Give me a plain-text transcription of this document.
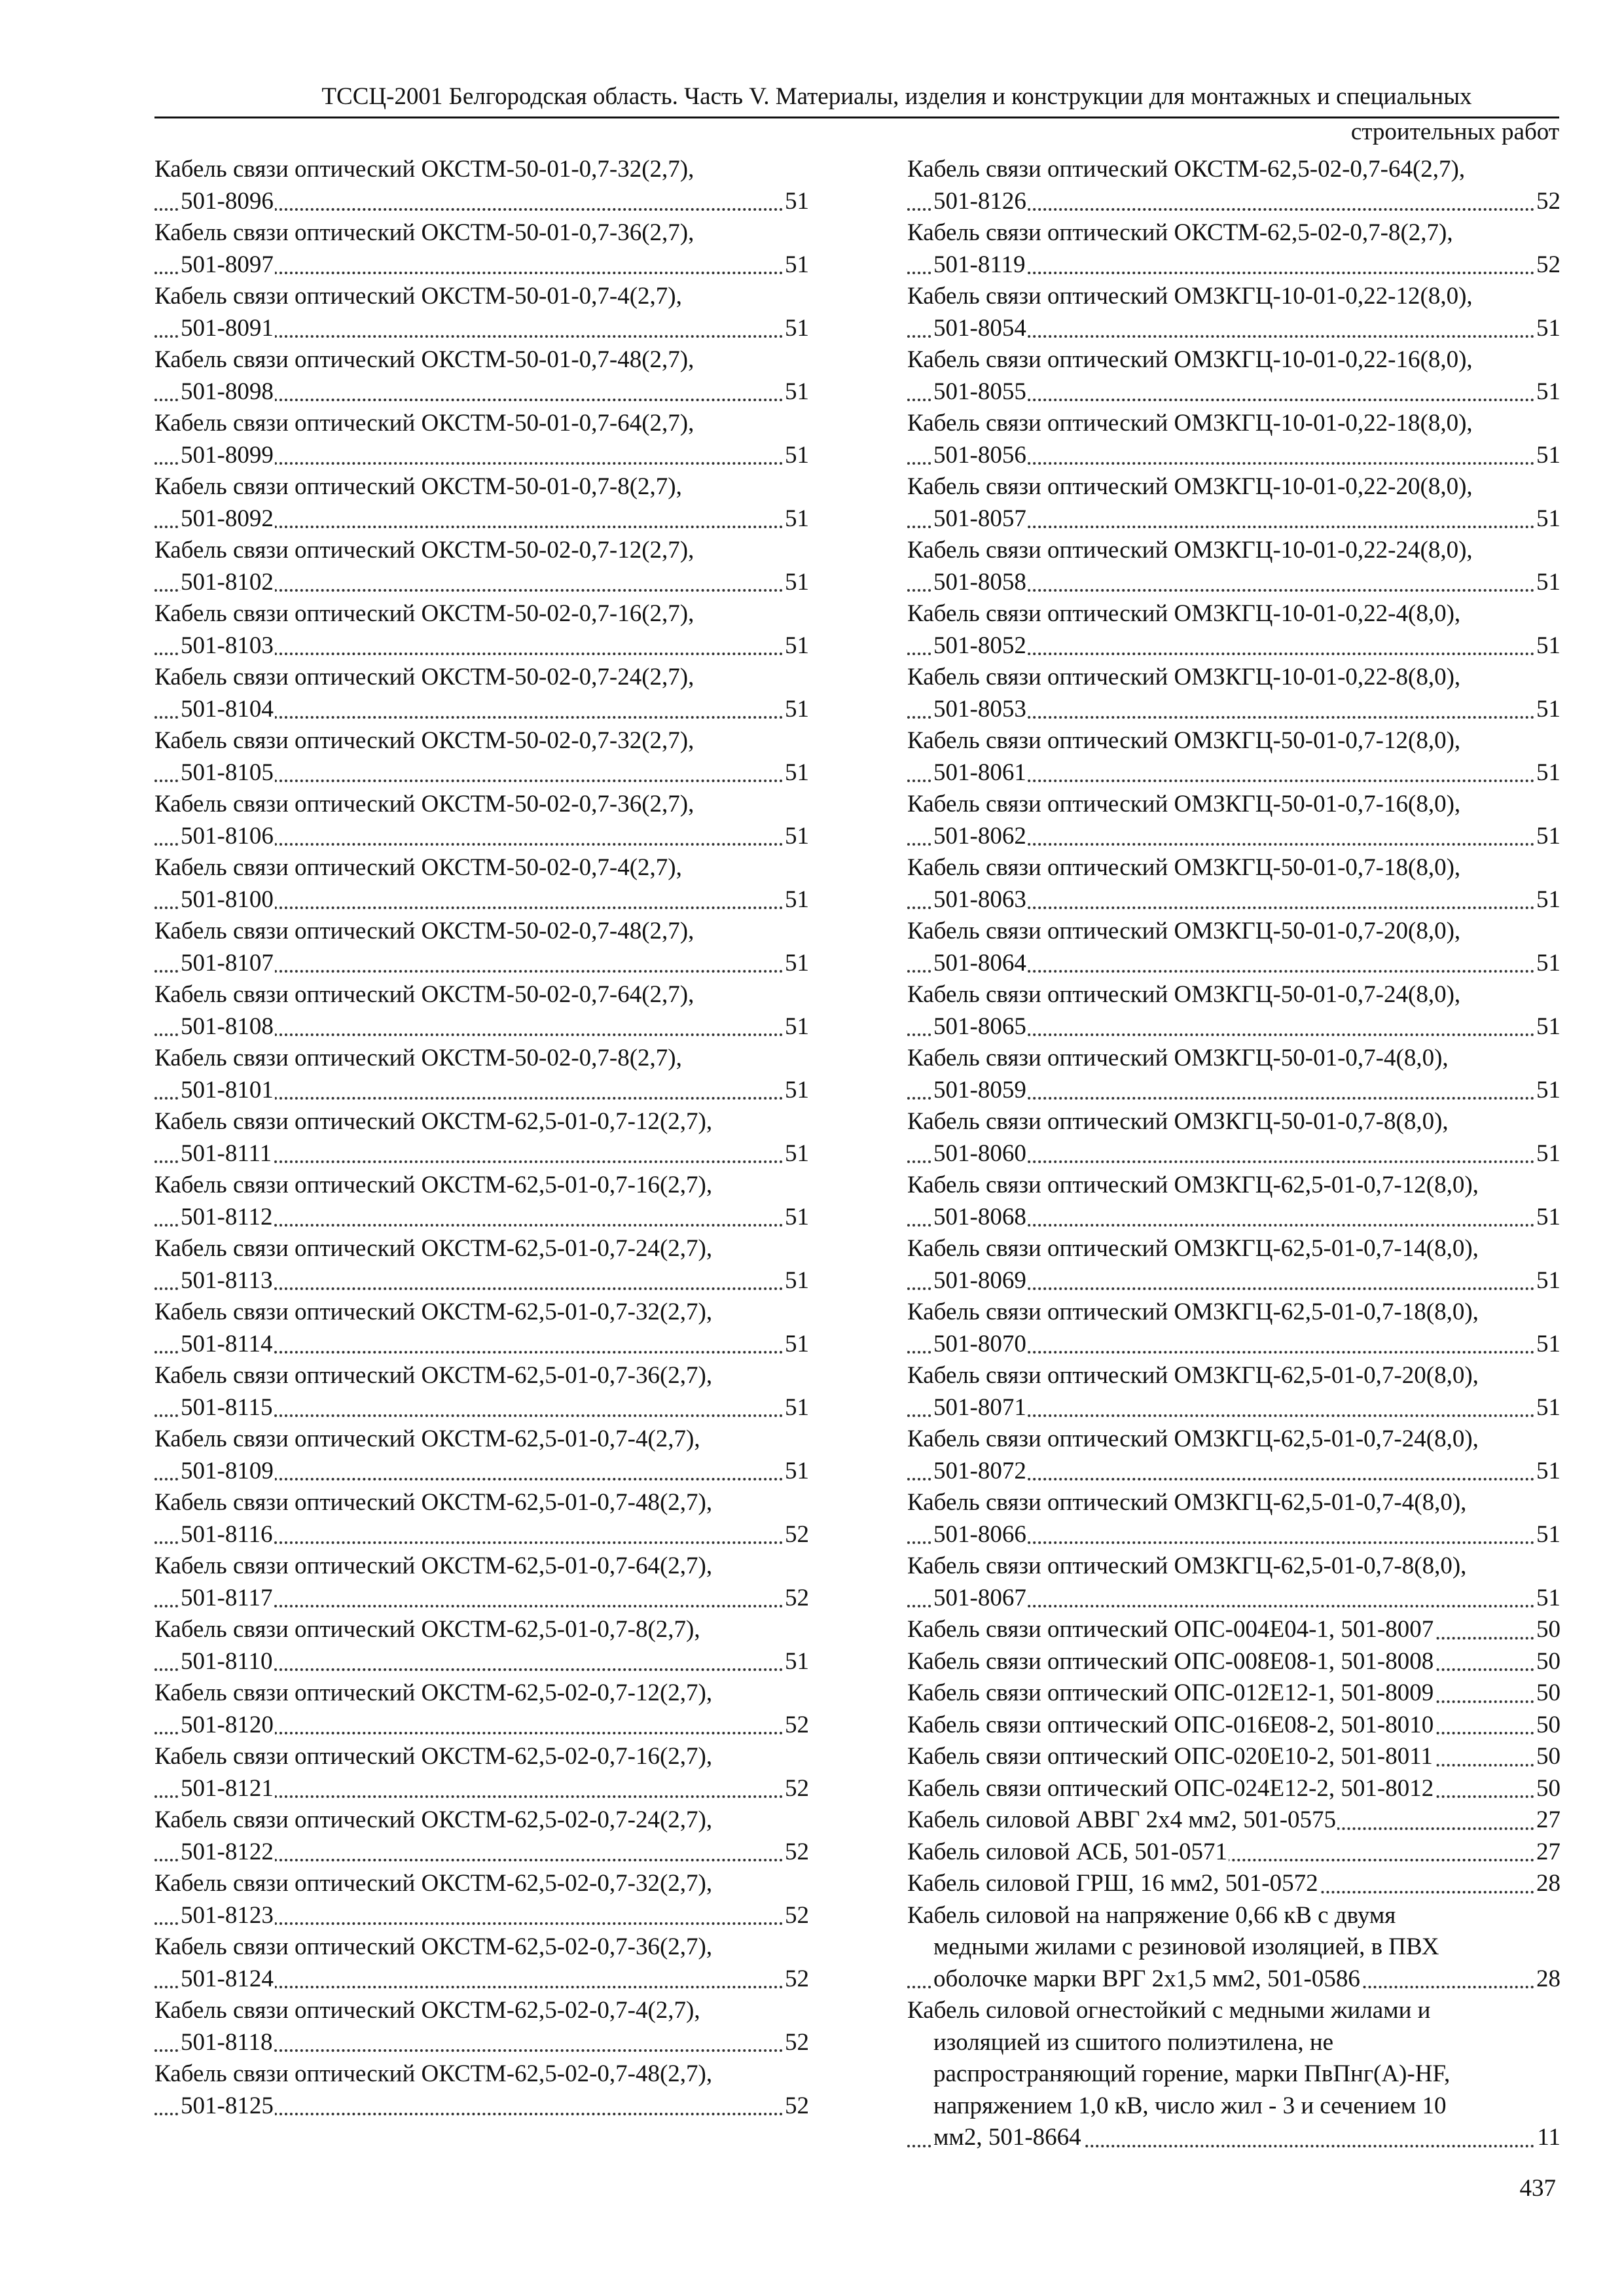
ТССЦ-2001 Белгородская область. Часть V. Материалы, изделия и конструкции для монтажных и специальных
строительных работ
Кабель связи оптический ОКСТМ-50-01-0,7-32(2,7),
501-8096	51
Кабель связи оптический ОКСТМ-50-01-0,7-36(2,7),
501-8097	51
Кабель связи оптический ОКСТМ-50-01-0,7-4(2,7),
501-8091	51
Кабель связи оптический ОКСТМ-50-01-0,7-48(2,7),
501-8098	51
Кабель связи оптический ОКСТМ-50-01-0,7-64(2,7),
501-8099	51
Кабель связи оптический ОКСТМ-50-01-0,7-8(2,7),
501-8092	51
Кабель связи оптический ОКСТМ-50-02-0,7-12(2,7),
501-8102	51
Кабель связи оптический ОКСТМ-50-02-0,7-16(2,7),
501-8103	51
Кабель связи оптический ОКСТМ-50-02-0,7-24(2,7),
501-8104	51
Кабель связи оптический ОКСТМ-50-02-0,7-32(2,7),
501-8105	51
Кабель связи оптический ОКСТМ-50-02-0,7-36(2,7),
501-8106	51
Кабель связи оптический ОКСТМ-50-02-0,7-4(2,7),
501-8100	51
Кабель связи оптический ОКСТМ-50-02-0,7-48(2,7),
501-8107	51
Кабель связи оптический ОКСТМ-50-02-0,7-64(2,7),
501-8108	51
Кабель связи оптический ОКСТМ-50-02-0,7-8(2,7),
501-8101	51
Кабель связи оптический ОКСТМ-62,5-01-0,7-12(2,7),
501-8111	51
Кабель связи оптический ОКСТМ-62,5-01-0,7-16(2,7),
501-8112	51
Кабель связи оптический ОКСТМ-62,5-01-0,7-24(2,7),
501-8113	51
Кабель связи оптический ОКСТМ-62,5-01-0,7-32(2,7),
501-8114	51
Кабель связи оптический ОКСТМ-62,5-01-0,7-36(2,7),
501-8115	51
Кабель связи оптический ОКСТМ-62,5-01-0,7-4(2,7),
501-8109	51
Кабель связи оптический ОКСТМ-62,5-01-0,7-48(2,7),
501-8116	52
Кабель связи оптический ОКСТМ-62,5-01-0,7-64(2,7),
501-8117	52
Кабель связи оптический ОКСТМ-62,5-01-0,7-8(2,7),
501-8110	51
Кабель связи оптический ОКСТМ-62,5-02-0,7-12(2,7),
501-8120	52
Кабель связи оптический ОКСТМ-62,5-02-0,7-16(2,7),
501-8121	52
Кабель связи оптический ОКСТМ-62,5-02-0,7-24(2,7),
501-8122	52
Кабель связи оптический ОКСТМ-62,5-02-0,7-32(2,7),
501-8123	52
Кабель связи оптический ОКСТМ-62,5-02-0,7-36(2,7),
501-8124	52
Кабель связи оптический ОКСТМ-62,5-02-0,7-4(2,7),
501-8118	52
Кабель связи оптический ОКСТМ-62,5-02-0,7-48(2,7),
501-8125	52
Кабель связи оптический ОКСТМ-62,5-02-0,7-64(2,7),
501-8126	52
Кабель связи оптический ОКСТМ-62,5-02-0,7-8(2,7),
501-8119	52
Кабель связи оптический ОМЗКГЦ-10-01-0,22-12(8,0),
501-8054	51
Кабель связи оптический ОМЗКГЦ-10-01-0,22-16(8,0),
501-8055	51
Кабель связи оптический ОМЗКГЦ-10-01-0,22-18(8,0),
501-8056	51
Кабель связи оптический ОМЗКГЦ-10-01-0,22-20(8,0),
501-8057	51
Кабель связи оптический ОМЗКГЦ-10-01-0,22-24(8,0),
501-8058	51
Кабель связи оптический ОМЗКГЦ-10-01-0,22-4(8,0),
501-8052	51
Кабель связи оптический ОМЗКГЦ-10-01-0,22-8(8,0),
501-8053	51
Кабель связи оптический ОМЗКГЦ-50-01-0,7-12(8,0),
501-8061	51
Кабель связи оптический ОМЗКГЦ-50-01-0,7-16(8,0),
501-8062	51
Кабель связи оптический ОМЗКГЦ-50-01-0,7-18(8,0),
501-8063	51
Кабель связи оптический ОМЗКГЦ-50-01-0,7-20(8,0),
501-8064	51
Кабель связи оптический ОМЗКГЦ-50-01-0,7-24(8,0),
501-8065	51
Кабель связи оптический ОМЗКГЦ-50-01-0,7-4(8,0),
501-8059	51
Кабель связи оптический ОМЗКГЦ-50-01-0,7-8(8,0),
501-8060	51
Кабель связи оптический ОМЗКГЦ-62,5-01-0,7-12(8,0),
501-8068	51
Кабель связи оптический ОМЗКГЦ-62,5-01-0,7-14(8,0),
501-8069	51
Кабель связи оптический ОМЗКГЦ-62,5-01-0,7-18(8,0),
501-8070	51
Кабель связи оптический ОМЗКГЦ-62,5-01-0,7-20(8,0),
501-8071	51
Кабель связи оптический ОМЗКГЦ-62,5-01-0,7-24(8,0),
501-8072	51
Кабель связи оптический ОМЗКГЦ-62,5-01-0,7-4(8,0),
501-8066	51
Кабель связи оптический ОМЗКГЦ-62,5-01-0,7-8(8,0),
501-8067	51
Кабель связи оптический ОПС-004Е04-1, 501-8007	50
Кабель связи оптический ОПС-008Е08-1, 501-8008	50
Кабель связи оптический ОПС-012Е12-1, 501-8009	50
Кабель связи оптический ОПС-016Е08-2, 501-8010	50
Кабель связи оптический ОПС-020Е10-2, 501-8011	50
Кабель связи оптический ОПС-024Е12-2, 501-8012	50
Кабель силовой АВВГ 2х4 мм2, 501-0575	27
Кабель силовой АСБ, 501-0571	27
Кабель силовой ГРШ, 16 мм2, 501-0572	28
Кабель силовой на напряжение 0,66 кВ с двумя
медными жилами с резиновой изоляцией, в ПВХ
оболочке марки ВРГ 2х1,5 мм2, 501-0586	28
Кабель силовой огнестойкий с медными жилами и
изоляцией из сшитого полиэтилена, не
распространяющий горение, марки ПвПнг(А)-HF,
напряжением 1,0 кВ, число жил - 3 и сечением 10
мм2, 501-8664	11
437
